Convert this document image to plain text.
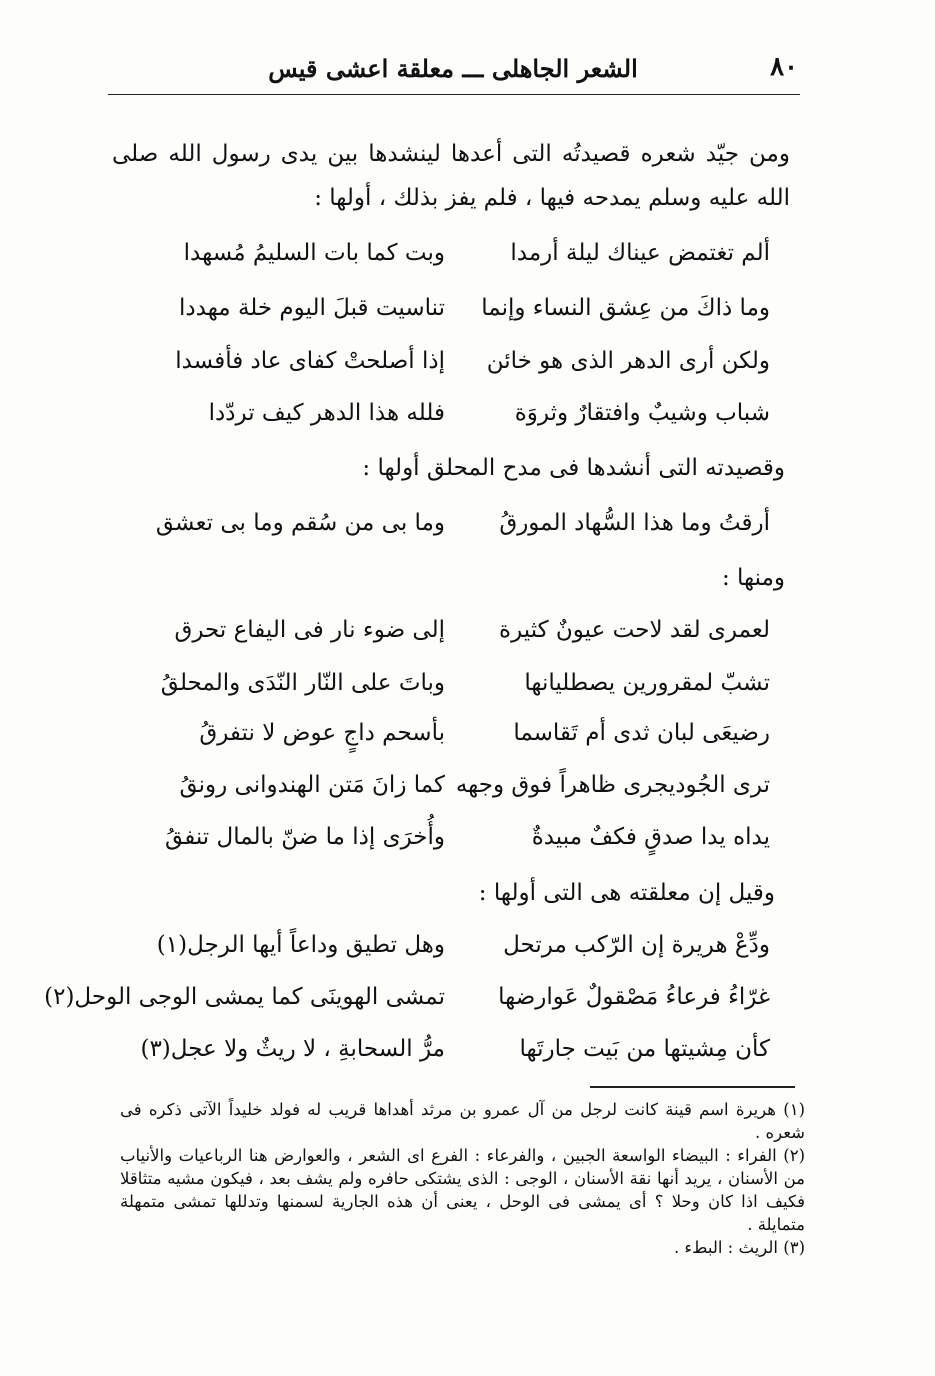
٨٠
الشعر الجاهلى ـــ معلقة اعشى قيس
ومن جيّد شعره قصيدتُه التى أعدها لينشدها بين يدى رسول الله صلى الله عليه وسلم يمدحه فيها ، فلم يفز بذلك ، أولها :
ألم تغتمض عيناك ليلة أرمدا
وبت كما بات السليمُ مُسهدا
وما ذاكَ من عِشق النساء وإنما
تناسيت قبلَ اليوم خلة مهددا
ولكن أرى الدهر الذى هو خائن
إذا أصلحتْ كفاى عاد فأفسدا
شباب وشيبٌ وافتقارٌ وثروَة
فلله هذا الدهر كيف تردّدا
وقصيدته التى أنشدها فى مدح المحلق أولها :
أرقتُ وما هذا السُّهاد المورقُ
وما بى من سُقم وما بى تعشق
ومنها :
لعمرى لقد لاحت عيونٌ كثيرة
إلى ضوء نار فى اليفاع تحرق
تشبّ لمقرورين يصطليانها
وباتَ على النّار النّدَى والمحلقُ
رضيعَى لبان ثدى أم تَقاسما
بأسحم داجٍ عوض لا نتفرقُ
ترى الجُوديجرى ظاهراً فوق وجهه
كما زانَ مَتن الهندوانى رونقُ
يداه يدا صدقٍ فكفٌ مبيدةٌ
وأُخرَى إذا ما ضنّ بالمال تنفقُ
وقيل إن معلقته هى التى أولها :
ودِّعْ هريرة إن الرّكب مرتحل
وهل تطيق وداعاً أيها الرجل(١)
غرّاءُ فرعاءُ مَصْقولٌ عَوارضها
تمشى الهوينَى كما يمشى الوجى الوحل(٢)
كأن مِشيتها من بَيت جارتَها
مرُّ السحابةِ ، لا ريثٌ ولا عجل(٣)

(١) هريرة اسم قينة كانت لرجل من آل عمرو بن مرثد أهداها قريب له فولد خليداً الآتى ذكره فى شعره .

(٢) الفراء : البيضاء الواسعة الجبين ، والفرعاء : الفرع اى الشعر ، والعوارض هنا الرباعيات والأنياب من الأسنان ، يريد أنها نقة الأسنان ، الوجى : الذى يشتكى حافره ولم يشف بعد ، فيكون مشيه متثاقلا فكيف اذا كان وحلا ؟ أى يمشى فى الوحل ، يعنى أن هذه الجارية لسمنها وتدللها تمشى متمهلة متمايلة .

(٣) الريث : البطء .
